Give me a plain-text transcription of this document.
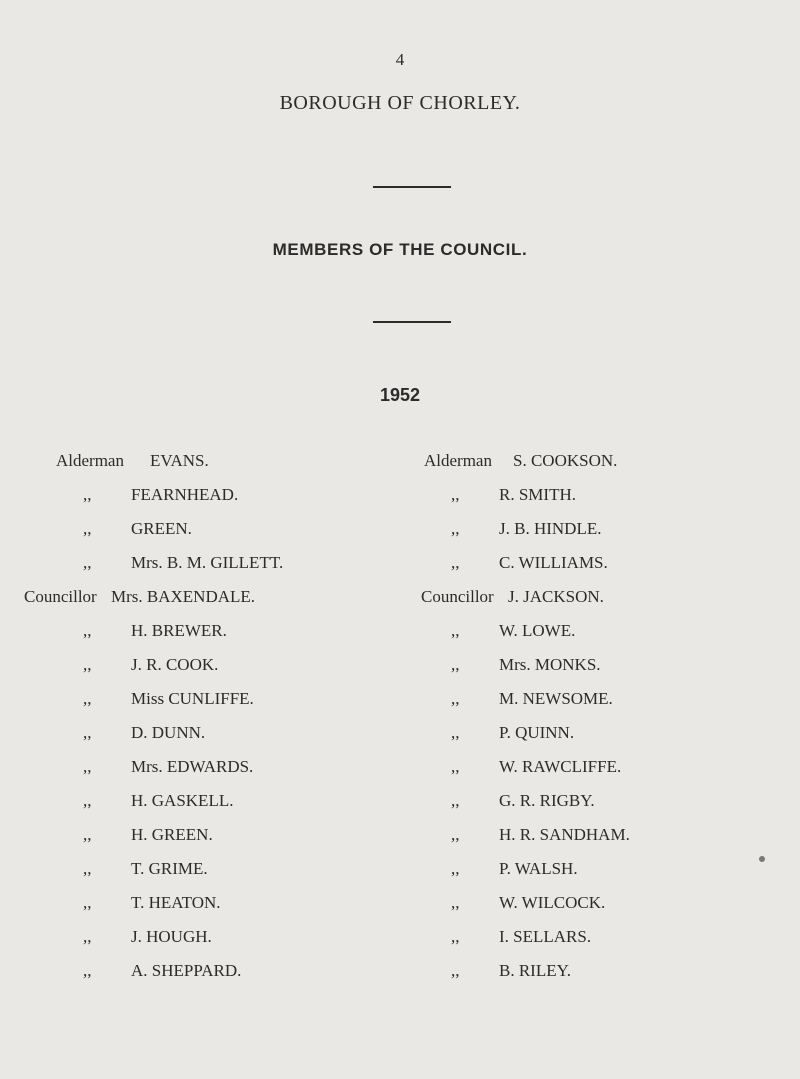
4
BOROUGH OF CHORLEY.
MEMBERS OF THE COUNCIL.
1952
Alderman EVANS.
,,	FEARNHEAD.
,,	GREEN.
,,	Mrs. B. M. GILLETT.
Councillor Mrs. BAXENDALE.
,,	H. BREWER.
,,	J. R. COOK.
,,	Miss CUNLIFFE.
,,	D. DUNN.
,,	Mrs. EDWARDS.
,,	H. GASKELL.
,,	H. GREEN.
,,	T. GRIME.
,,	T. HEATON.
,,	J. HOUGH.
,,	A. SHEPPARD.
Alderman S. COOKSON.
,,	R. SMITH.
,,	J. B. HINDLE.
,,	C. WILLIAMS.
Councillor J. JACKSON.
,,	W. LOWE.
,,	Mrs. MONKS.
,,	M. NEWSOME.
,,	P. QUINN.
,,	W. RAWCLIFFE.
,,	G. R. RIGBY.
,,	H. R. SANDHAM.
,,	P. WALSH.
,,	W. WILCOCK.
,,	I. SELLARS.
,,	B. RILEY.
